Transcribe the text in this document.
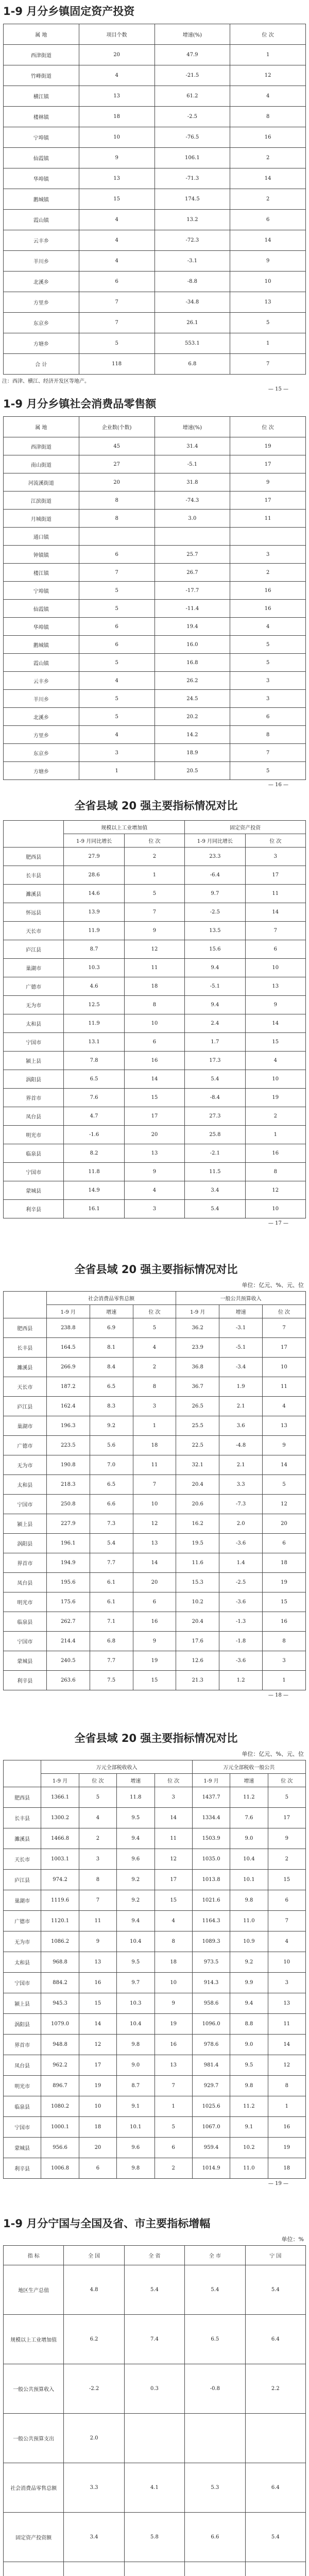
1-9 月分乡镇固定资产投资
属 地	项目个数	增速(%)	位 次
西津街道	20	47.9	1
竹峰街道	4	-21.5	12
横江镇	13	61.2	4
楼林镇	18	-2.5	8
宁埠镇	10	-76.5	16
仙霞镇	9	106.1	2
华埠镇	13	-71.3	14
鹅城镇	15	174.5	2
霞山镇	4	13.2	6
云丰乡	4	-72.3	14
羊川乡	4	-3.1	9
北溪乡	6	-8.8	10
方里乡	7	-34.8	13
东京乡	7	26.1	5
方塘乡	5	553.1	1
合 计	118	6.8	7
注：西津、横江、经济开发区等地产。
— 15 —
1-9 月分乡镇社会消费品零售额
属 地	企业数(个数)	增速(%)	位 次
西津街道	45	31.4	19
南山街道	27	-5.1	17
河流溪街道	20	31.8	9
江滨街道	8	-74.3	17
月城街道	8	3.0	11
通口镇			
钟镇镇	6	25.7	3
楼江镇	7	26.7	2
宁埠镇	5	-17.7	16
仙霞镇	5	-11.4	16
华埠镇	6	19.4	4
鹅城镇	6	16.0	5
霞山镇	5	16.8	5
云丰乡	4	26.2	3
羊川乡	5	24.5	3
北溪乡	5	20.2	6
方里乡	4	14.2	8
东京乡	3	18.9	7
方塘乡	1	20.5	5
— 16 —
全省县域 20 强主要指标情况对比
	规模以上工业增加值		固定资产投资	
	1-9 月同比增长	位 次	1-9 月同比增长	位 次
肥西县	27.9	2	23.3	3
长丰县	28.6	1	-6.4	17
濉溪县	14.6	5	9.7	11
怀远县	13.9	7	-2.5	14
天长市	11.9	9	13.5	7
庐江县	8.7	12	15.6	6
巢湖市	10.3	11	9.4	10
广德市	4.6	18	-5.1	13
无为市	12.5	8	9.4	9
太和县	11.9	10	2.4	14
宁国市	13.1	6	1.7	15
颍上县	7.8	16	17.3	4
涡阳县	6.5	14	5.4	10
界首市	7.6	15	-8.4	19
凤台县	4.7	17	27.3	2
明光市	-1.6	20	25.8	1
临泉县	8.2	13	-2.1	16
宁国市	11.8	9	11.5	8
蒙城县	14.9	4	3.4	12
利辛县	16.1	3	5.4	10
— 17 —
全省县域 20 强主要指标情况对比
单位：亿元、%、元、位
	社会消费品零售总额			一般公共预算收入		
	1-9 月	增速	位 次	1-9 月	增速	位 次
肥西县	238.8	6.9	5	36.2	-3.1	7
长丰县	164.5	8.1	4	23.9	-5.1	17
濉溪县	266.9	8.4	2	36.8	-3.4	10
天长市	187.2	6.5	8	36.7	1.9	11
庐江县	162.4	8.3	3	26.5	2.1	4
巢湖市	196.3	9.2	1	25.5	3.6	13
广德市	223.5	5.6	18	22.5	-4.8	9
无为市	190.8	7.0	11	32.1	2.1	14
太和县	218.3	6.5	7	20.4	3.3	5
宁国市	250.8	6.6	10	20.6	-7.3	12
颍上县	227.9	7.3	12	16.2	2.0	20
涡阳县	196.1	5.4	13	19.5	-3.6	6
界首市	194.9	7.7	14	11.6	1.4	18
凤台县	195.6	6.1	20	15.3	-2.5	19
明光市	175.6	6.1	6	10.2	-3.6	15
临泉县	262.7	7.1	16	20.4	-1.3	16
宁国市	214.4	6.8	9	17.6	-1.8	8
蒙城县	240.5	7.7	19	12.6	-3.6	3
利辛县	263.6	7.5	15	21.3	1.2	1
— 18 —
全省县域 20 强主要指标情况对比
单位：亿元、%、元、位
	万元全部税收收入				万元全部税收一般公共		
	1-9 月	位 次	增速	位 次	1-9 月	增速	位 次
肥西县	1366.1	5	11.8	3	1437.7	11.2	5
长丰县	1300.2	4	9.5	14	1334.4	7.6	17
濉溪县	1466.8	2	9.4	11	1503.9	9.0	9
天长市	1003.1	3	9.6	12	1035.0	10.4	2
庐江县	974.2	8	9.2	17	1013.8	10.1	15
巢湖市	1119.6	7	9.2	15	1021.6	9.8	6
广德市	1120.1	11	9.4	4	1164.3	11.0	7
无为市	1086.2	9	10.4	8	1089.3	10.9	4
太和县	968.8	13	9.5	18	973.5	9.2	10
宁国市	884.2	16	9.7	10	914.3	9.9	3
颍上县	945.3	15	10.3	9	958.6	9.4	13
涡阳县	1079.0	14	10.4	19	1096.0	8.8	11
界首市	948.8	12	9.8	16	978.6	9.0	14
凤台县	962.2	17	9.0	13	981.4	9.5	12
明光市	896.7	19	8.7	7	929.7	9.8	8
临泉县	1080.2	10	9.1	1	1025.6	11.2	1
宁国市	1000.1	18	10.1	5	1067.0	9.1	16
蒙城县	956.6	20	9.6	6	959.4	10.2	19
利辛县	1006.8	6	9.8	2	1014.9	11.0	18
— 19 —
1-9 月分宁国与全国及省、市主要指标增幅
单位：%
指 标	全 国	全 省	全 市	宁 国
地区生产总值	4.8	5.4	5.4	5.4
规模以上工业增加值	6.2	7.4	6.5	6.4
一般公共预算收入	-2.2	0.3	-0.8	2.2
一般公共预算支出	2.0			
社会消费品零售总额	3.3	4.1	5.3	6.4
固定资产投资额	3.4	5.8	6.6	5.4
